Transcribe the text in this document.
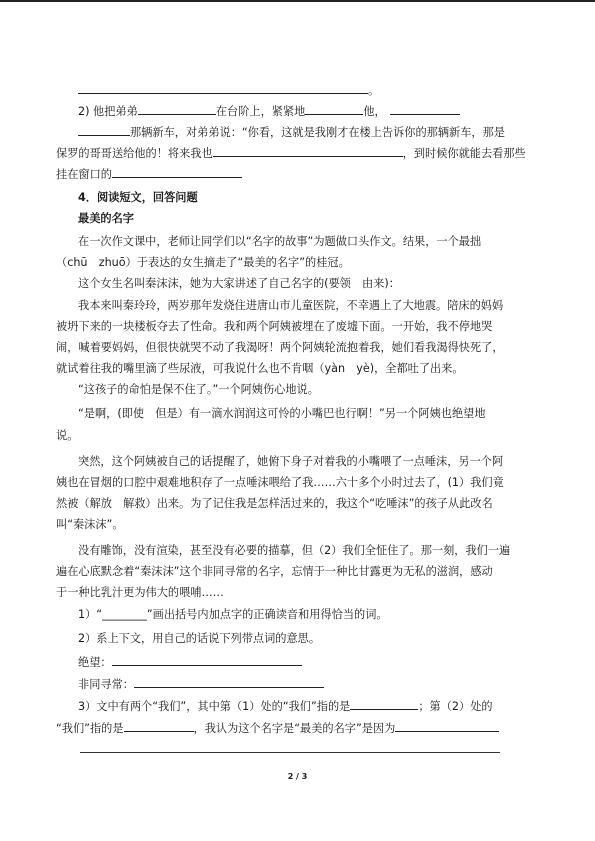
。
2) 他把弟弟	在台阶上，紧紧地	他，
那辆新车，对弟弟说：“你看，这就是我刚才在楼上告诉你的那辆新车，那是
保罗的哥哥送给他的！将来我也	，到时候你就能去看那些
挂在窗口的
4．阅读短文，回答问题
最美的名字
在一次作文课中，老师让同学们以“名字的故事”为题做口头作文。结果，一个最拙
（chū　zhuō）于表达的女生摘走了“最美的名字”的桂冠。
这个女生名叫秦沫沫，她为大家讲述了自己名字的(要领　由来)：
我本来叫秦玲玲，两岁那年发烧住进唐山市儿童医院，不幸遇上了大地震。陪床的妈妈
被坍下来的一块楼板夺去了性命。我和两个阿姨被埋在了废墟下面。一开始，我不停地哭
闹，喊着要妈妈，但很快就哭不动了我渴呀！两个阿姨轮流抱着我，她们看我渴得快死了，
就试着往我的嘴里滴了些尿液，可我说什么也不肯咽（yàn　yè)，全都吐了出来。
“这孩子的命怕是保不住了。”一个阿姨伤心地说。
“是啊，(即使　但是）有一滴水润润这可怜的小嘴巴也行啊！”另一个阿姨也绝望地
说。
突然，这个阿姨被自己的话提醒了，她俯下身子对着我的小嘴喂了一点唾沫，另一个阿
姨也在冒烟的口腔中艰难地积存了一点唾沫喂给了我……六十多个小时过去了，(1）我们竟
然被（解放　解救）出来。为了记住我是怎样活过来的，我这个“吃唾沫”的孩子从此改名
叫“秦沫沫”。
没有雕饰，没有渲染，甚至没有必要的描摹，但（2）我们全怔住了。那一刻，我们一遍
遍在心底默念着“秦沫沫”这个非同寻常的名字，忘情于一种比甘露更为无私的滋润，感动
于一种比乳汁更为伟大的喂哺……
1）“________”画出括号内加点字的正确读音和用得恰当的词。
2）系上下文，用自己的话说下列带点词的意思。
绝望：
非同寻常：
3）文中有两个“我们”，其中第（1）处的“我们”指的是	；第（2）处的
“我们”指的是	，我认为这个名字是“最美的名字”是因为
2 / 3
